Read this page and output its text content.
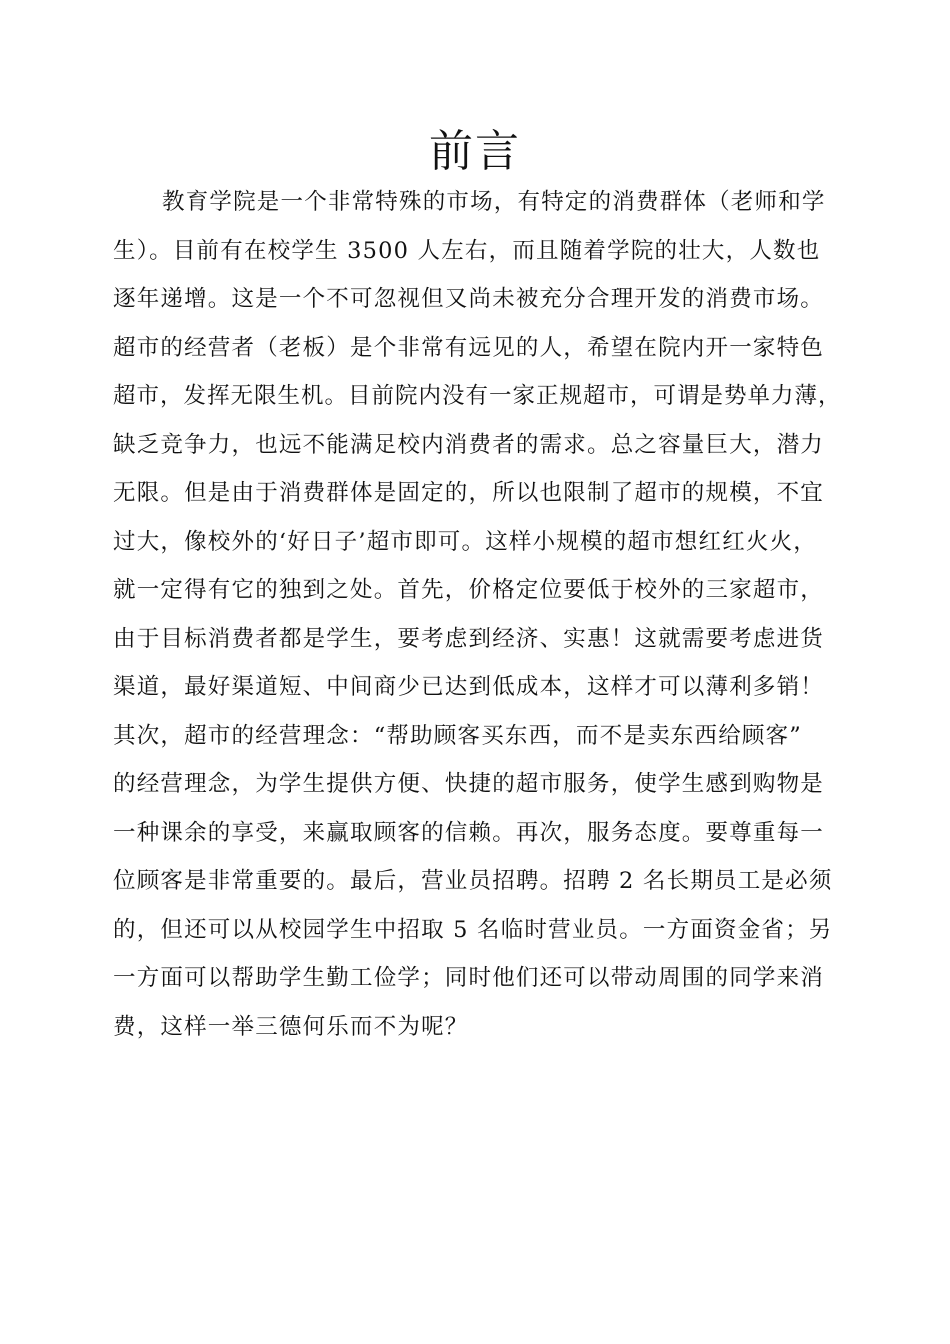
前言
教育学院是一个非常特殊的市场，有特定的消费群体（老师和学
生）。目前有在校学生 3500 人左右，而且随着学院的壮大，人数也
逐年递增。这是一个不可忽视但又尚未被充分合理开发的消费市场。
超市的经营者（老板）是个非常有远见的人，希望在院内开一家特色
超市，发挥无限生机。目前院内没有一家正规超市，可谓是势单力薄，
缺乏竞争力，也远不能满足校内消费者的需求。总之容量巨大，潜力
无限。但是由于消费群体是固定的，所以也限制了超市的规模，不宜
过大，像校外的‘好日子’超市即可。这样小规模的超市想红红火火，
就一定得有它的独到之处。首先，价格定位要低于校外的三家超市，
由于目标消费者都是学生，要考虑到经济、实惠！这就需要考虑进货
渠道，最好渠道短、中间商少已达到低成本，这样才可以薄利多销！
其次，超市的经营理念：“帮助顾客买东西，而不是卖东西给顾客”
的经营理念，为学生提供方便、快捷的超市服务，使学生感到购物是
一种课余的享受，来赢取顾客的信赖。再次，服务态度。要尊重每一
位顾客是非常重要的。最后，营业员招聘。招聘 2 名长期员工是必须
的，但还可以从校园学生中招取 5 名临时营业员。一方面资金省；另
一方面可以帮助学生勤工俭学；同时他们还可以带动周围的同学来消
费，这样一举三德何乐而不为呢？
